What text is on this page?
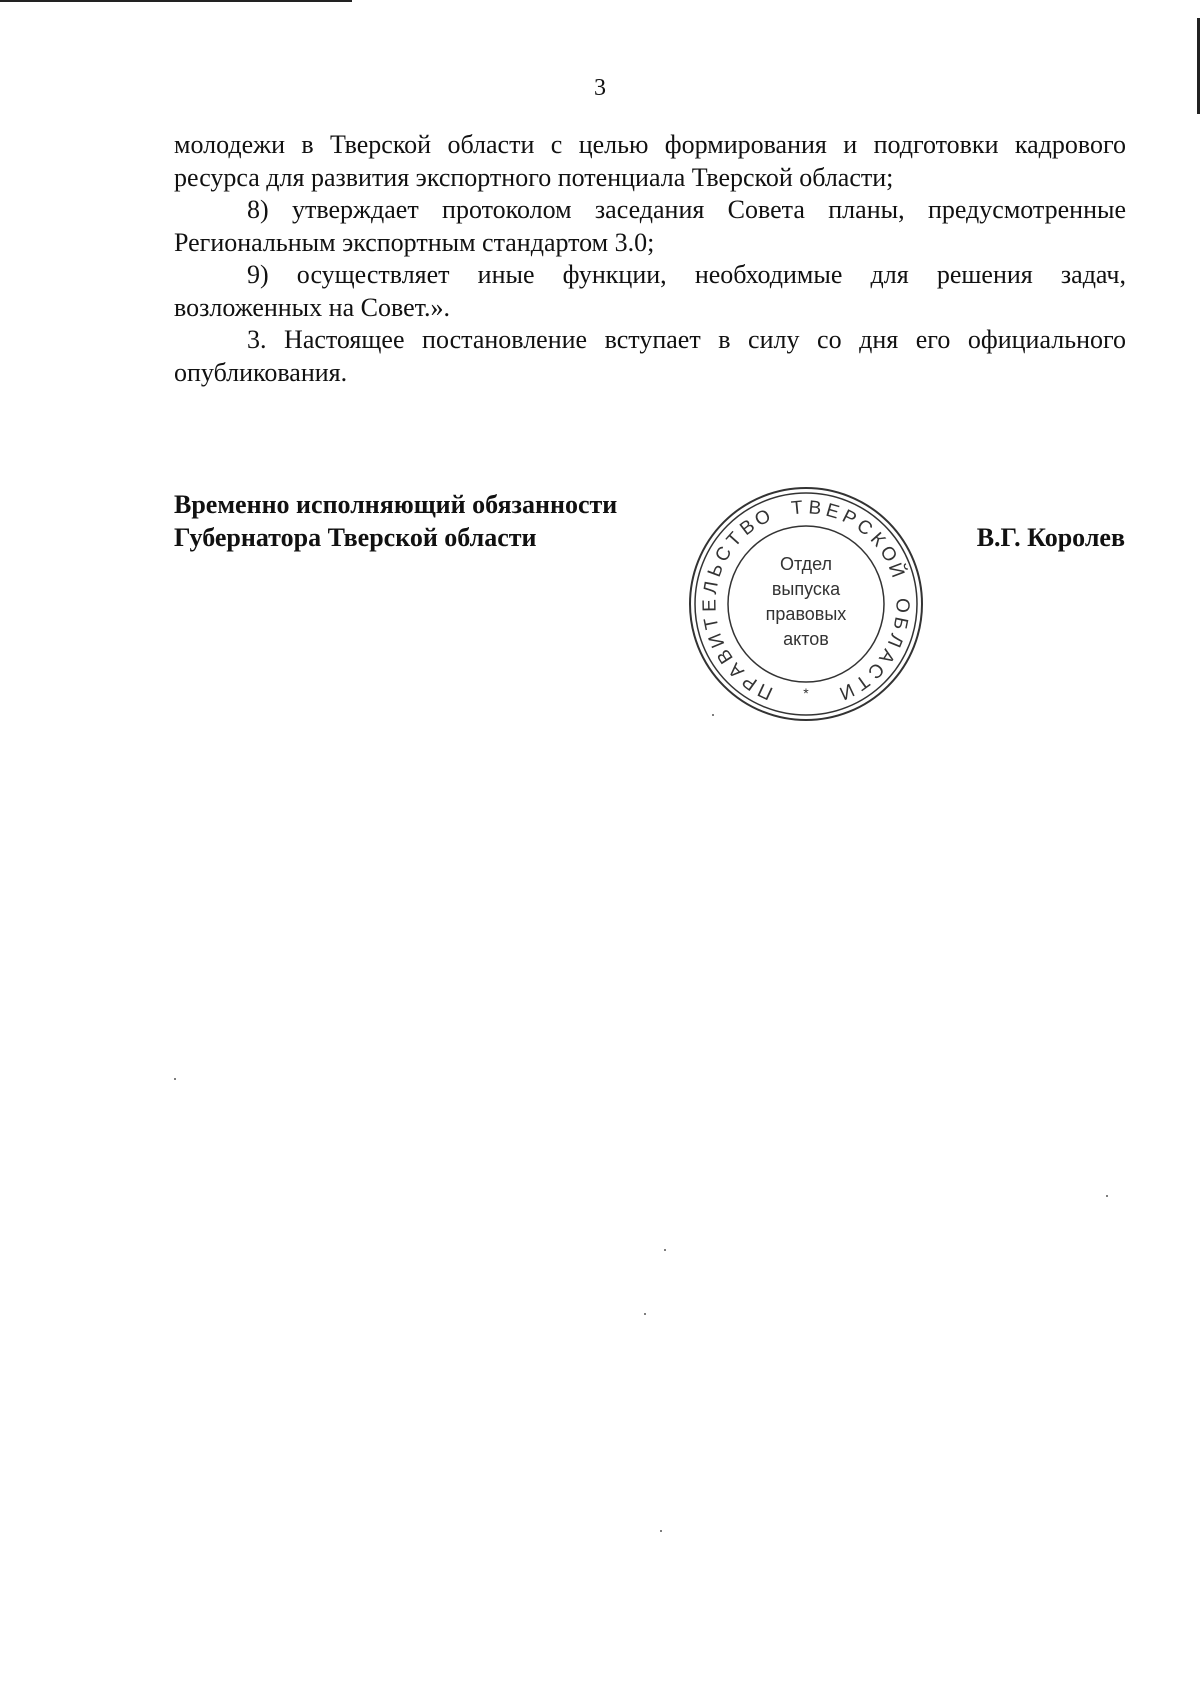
3

молодежи в Тверской области с целью формирования и подготовки кадрового ресурса для развития экспортного потенциала Тверской области;

8) утверждает протоколом заседания Совета планы, предусмотренные Региональным экспортным стандартом 3.0;

9) осуществляет иные функции, необходимые для решения задач, возложенных на Совет.».

3. Настоящее постановление вступает в силу со дня его официального опубликования.

Временно исполняющий обязанности
Губернатора Тверской области	В.Г. Королев
П
Р
А
В
И
Т
Е
Л
Ь
С
Т
В
О Т В Е
Р
С
К
О
Й
О
Б
Л
А
С
Т
И
*
Отдел
выпуска
правовых
актов
